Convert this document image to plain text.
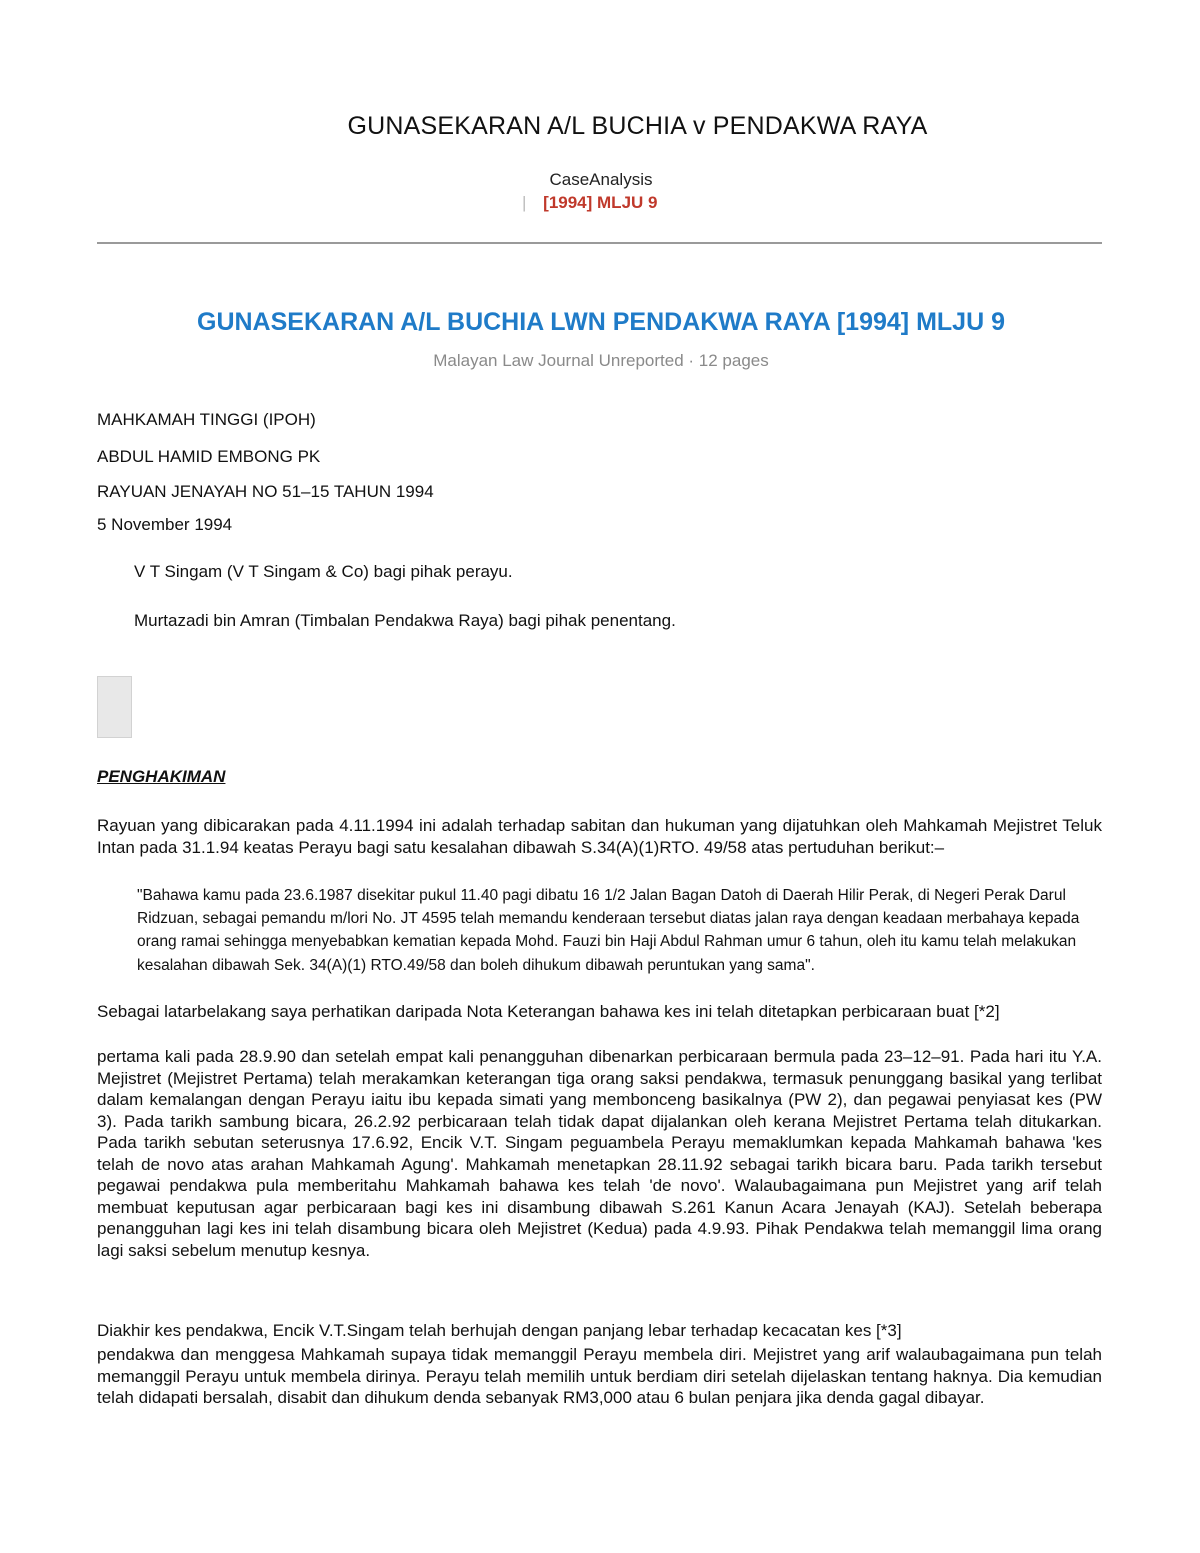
GUNASEKARAN A/L BUCHIA v PENDAKWA RAYA
CaseAnalysis
| [1994] MLJU 9
GUNASEKARAN A/L BUCHIA LWN PENDAKWA RAYA [1994] MLJU 9
Malayan Law Journal Unreported · 12 pages
MAHKAMAH TINGGI (IPOH)
ABDUL HAMID EMBONG PK
RAYUAN JENAYAH NO 51–15 TAHUN 1994
5 November 1994
V T Singam (V T Singam & Co) bagi pihak perayu.
Murtazadi bin Amran (Timbalan Pendakwa Raya) bagi pihak penentang.
PENGHAKIMAN

Rayuan yang dibicarakan pada 4.11.1994 ini adalah terhadap sabitan dan hukuman yang dijatuhkan oleh Mahkamah Mejistret Teluk Intan pada 31.1.94 keatas Perayu bagi satu kesalahan dibawah S.34(A)(1)RTO. 49/58 atas pertuduhan berikut:–

"Bahawa kamu pada 23.6.1987 disekitar pukul 11.40 pagi dibatu 16 1/2 Jalan Bagan Datoh di Daerah Hilir Perak, di Negeri Perak Darul Ridzuan, sebagai pemandu m/lori No. JT 4595 telah memandu kenderaan tersebut diatas jalan raya dengan keadaan merbahaya kepada orang ramai sehingga menyebabkan kematian kepada Mohd. Fauzi bin Haji Abdul Rahman umur 6 tahun, oleh itu kamu telah melakukan kesalahan dibawah Sek. 34(A)(1) RTO.49/58 dan boleh dihukum dibawah peruntukan yang sama".

Sebagai latarbelakang saya perhatikan daripada Nota Keterangan bahawa kes ini telah ditetapkan perbicaraan buat [*2]

pertama kali pada 28.9.90 dan setelah empat kali penangguhan dibenarkan perbicaraan bermula pada 23–12–91. Pada hari itu Y.A. Mejistret (Mejistret Pertama) telah merakamkan keterangan tiga orang saksi pendakwa, termasuk penunggang basikal yang terlibat dalam kemalangan dengan Perayu iaitu ibu kepada simati yang membonceng basikalnya (PW 2), dan pegawai penyiasat kes (PW 3). Pada tarikh sambung bicara, 26.2.92 perbicaraan telah tidak dapat dijalankan oleh kerana Mejistret Pertama telah ditukarkan. Pada tarikh sebutan seterusnya 17.6.92, Encik V.T. Singam peguambela Perayu memaklumkan kepada Mahkamah bahawa 'kes telah de novo atas arahan Mahkamah Agung'. Mahkamah menetapkan 28.11.92 sebagai tarikh bicara baru. Pada tarikh tersebut pegawai pendakwa pula memberitahu Mahkamah bahawa kes telah 'de novo'. Walaubagaimana pun Mejistret yang arif telah membuat keputusan agar perbicaraan bagi kes ini disambung dibawah S.261 Kanun Acara Jenayah (KAJ). Setelah beberapa penangguhan lagi kes ini telah disambung bicara oleh Mejistret (Kedua) pada 4.9.93. Pihak Pendakwa telah memanggil lima orang lagi saksi sebelum menutup kesnya.

Diakhir kes pendakwa, Encik V.T.Singam telah berhujah dengan panjang lebar terhadap kecacatan kes [*3]

pendakwa dan menggesa Mahkamah supaya tidak memanggil Perayu membela diri. Mejistret yang arif walaubagaimana pun telah memanggil Perayu untuk membela dirinya. Perayu telah memilih untuk berdiam diri setelah dijelaskan tentang haknya. Dia kemudian telah didapati bersalah, disabit dan dihukum denda sebanyak RM3,000 atau 6 bulan penjara jika denda gagal dibayar.
